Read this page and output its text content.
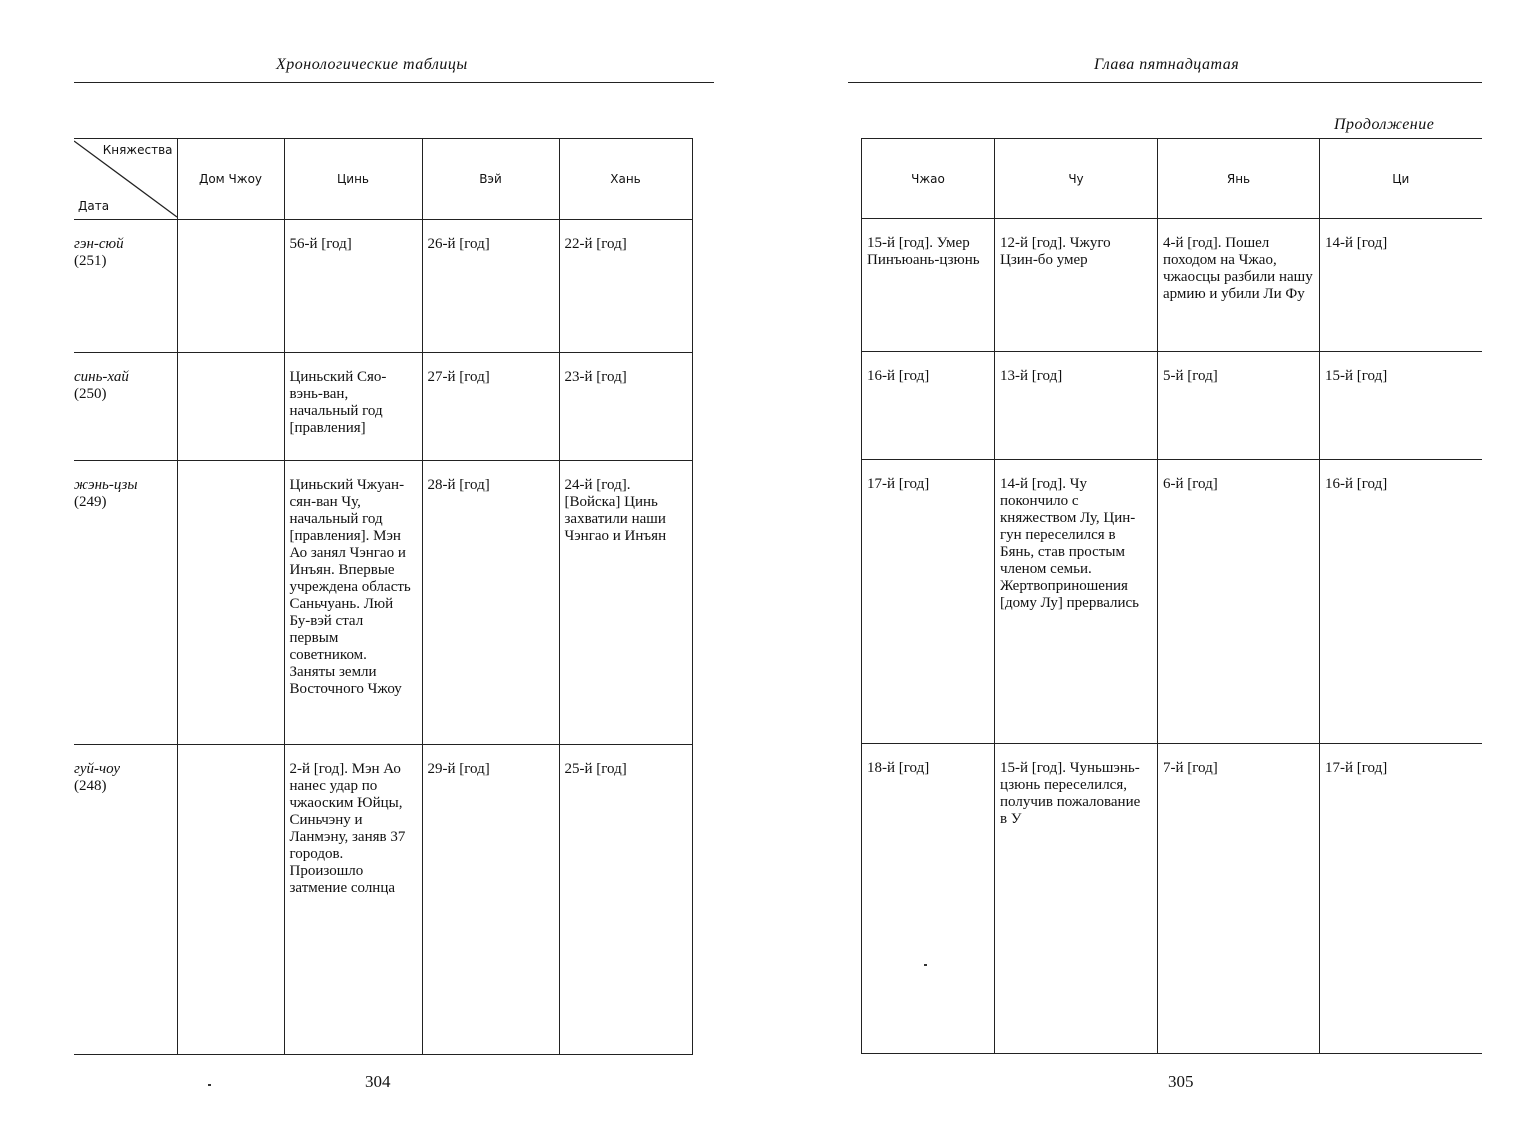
Хронологические таблицы
Княжества
Дата	Дом Чжоу	Цинь	Вэй	Хань

гэн-сюй
(251)		56-й [год]	26-й [год]	22-й [год]

синь-хай
(250)		Циньский Сяо-вэнь-ван, начальный год [правления]	27-й [год]	23-й [год]

жэнь-цзы
(249)		Циньский Чжуан-сян-ван Чу, начальный год [правления]. Мэн Ао занял Чэнгао и Инъян. Впервые учреждена область Саньчуань. Люй Бу-вэй стал первым советником. Заняты земли Восточного Чжоу	28-й [год]	24-й [год]. [Войска] Цинь захватили наши Чэнгао и Инъян

гуй-чоу
(248)		2-й [год]. Мэн Ао нанес удар по чжаоским Юйцы, Синьчэну и Ланмэну, заняв 37 городов. Произошло затмение солнца	29-й [год]	25-й [год]
304
Глава пятнадцатая
Продолжение
Чжао	Чу	Янь	Ци

15-й [год]. Умер Пинъюань-цзюнь	12-й [год]. Чжуго Цзин-бо умер	4-й [год]. Пошел походом на Чжао, чжаосцы разбили нашу армию и убили Ли Фу	14-й [год]

16-й [год]	13-й [год]	5-й [год]	15-й [год]

17-й [год]	14-й [год]. Чу покончило с княжеством Лу, Цин-гун переселился в Бянь, став простым членом семьи. Жертвоприношения [дому Лу] прервались	6-й [год]	16-й [год]

18-й [год]	15-й [год]. Чуньшэнь-цзюнь переселился, получив пожалование в У	7-й [год]	17-й [год]
305
